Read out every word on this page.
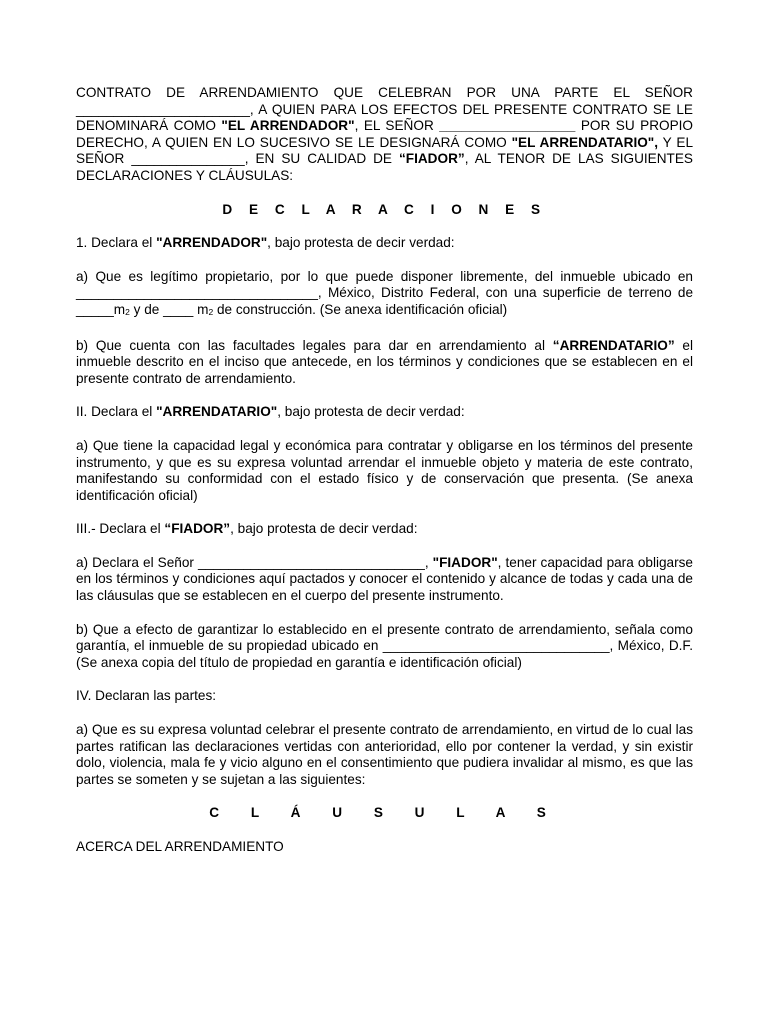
CONTRATO DE ARRENDAMIENTO QUE CELEBRAN POR UNA PARTE EL SEÑOR _______________________, A QUIEN PARA LOS EFECTOS DEL PRESENTE CONTRATO SE LE DENOMINARÁ COMO "EL ARRENDADOR", EL SEÑOR __________________ POR SU PROPIO DERECHO, A QUIEN EN LO SUCESIVO SE LE DESIGNARÁ COMO "EL ARRENDATARIO", Y EL SEÑOR _______________, EN SU CALIDAD DE “FIADOR”, AL TENOR DE LAS SIGUIENTES DECLARACIONES Y CLÁUSULAS:

D E C L A R A C I O N E S

1. Declara el "ARRENDADOR", bajo protesta de decir verdad:

a) Que es legítimo propietario, por lo que puede disponer libremente, del inmueble ubicado en ________________________________, México, Distrito Federal, con una superficie de terreno de $\_\_\_\_\_m_2$ y de ____ $m_2$ de construcción. (Se anexa identificación oficial)

b) Que cuenta con las facultades legales para dar en arrendamiento al “ARRENDATARIO” el inmueble descrito en el inciso que antecede, en los términos y condiciones que se establecen en el presente contrato de arrendamiento.

II. Declara el "ARRENDATARIO", bajo protesta de decir verdad:

a) Que tiene la capacidad legal y económica para contratar y obligarse en los términos del presente instrumento, y que es su expresa voluntad arrendar el inmueble objeto y materia de este contrato, manifestando su conformidad con el estado físico y de conservación que presenta. (Se anexa identificación oficial)

III.- Declara el “FIADOR”, bajo protesta de decir verdad:

a) Declara el Señor ______________________________, "FIADOR", tener capacidad para obligarse en los términos y condiciones aquí pactados y conocer el contenido y alcance de todas y cada una de las cláusulas que se establecen en el cuerpo del presente instrumento.

b) Que a efecto de garantizar lo establecido en el presente contrato de arrendamiento, señala como garantía, el inmueble de su propiedad ubicado en ______________________________, México, D.F. (Se anexa copia del título de propiedad en garantía e identificación oficial)

IV. Declaran las partes:

a) Que es su expresa voluntad celebrar el presente contrato de arrendamiento, en virtud de lo cual las partes ratifican las declaraciones vertidas con anterioridad, ello por contener la verdad, y sin existir dolo, violencia, mala fe y vicio alguno en el consentimiento que pudiera invalidar al mismo, es que las partes se someten y se sujetan a las siguientes:

C L Á U S U L A S

ACERCA DEL ARRENDAMIENTO
